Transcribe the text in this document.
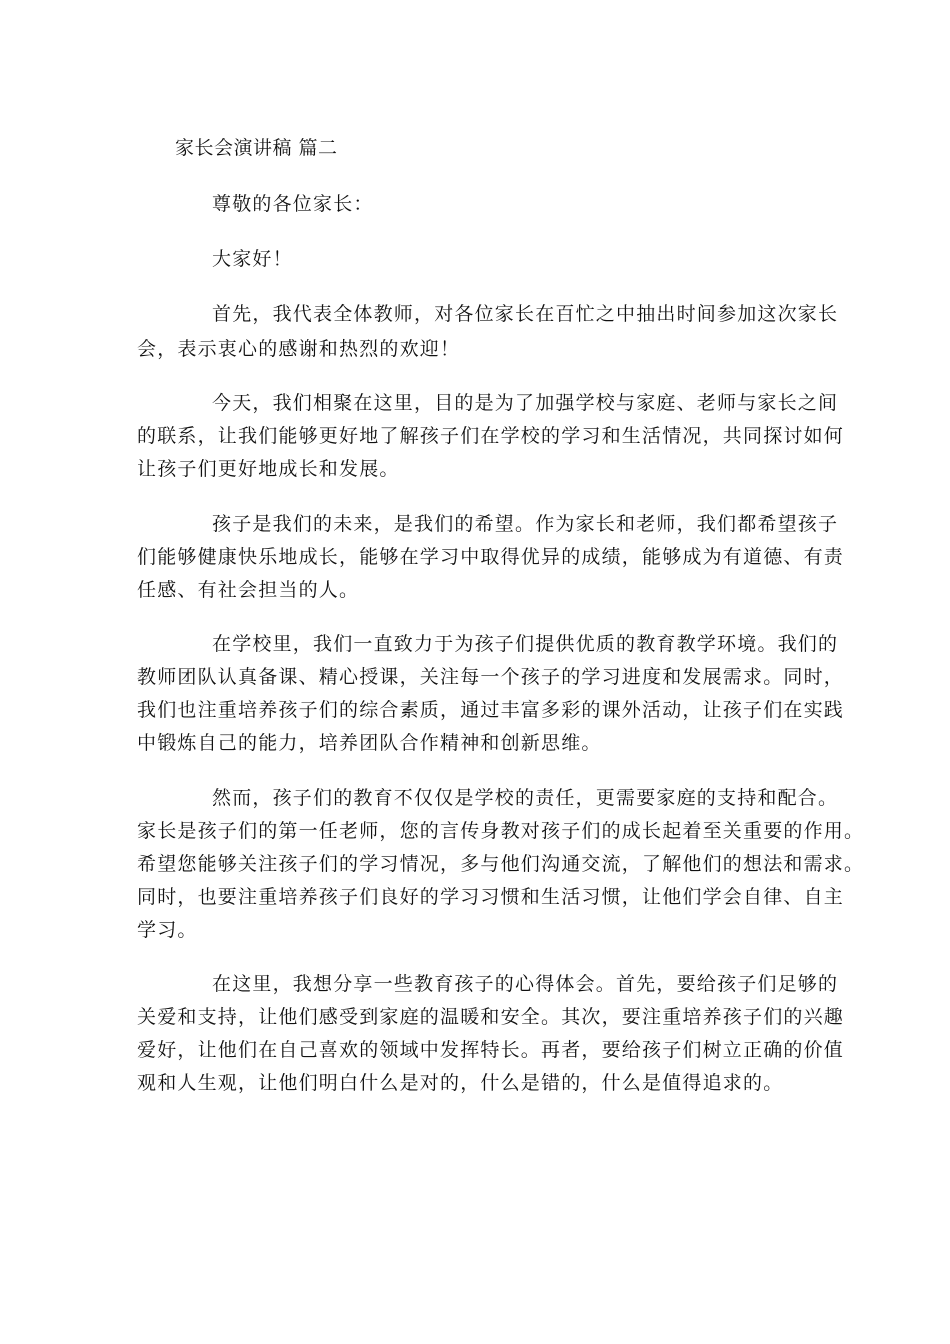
家长会演讲稿 篇二
尊敬的各位家长：
大家好！
首先，我代表全体教师，对各位家长在百忙之中抽出时间参加这次家长
会，表示衷心的感谢和热烈的欢迎！
今天，我们相聚在这里，目的是为了加强学校与家庭、老师与家长之间
的联系，让我们能够更好地了解孩子们在学校的学习和生活情况，共同探讨如何
让孩子们更好地成长和发展。
孩子是我们的未来，是我们的希望。作为家长和老师，我们都希望孩子
们能够健康快乐地成长，能够在学习中取得优异的成绩，能够成为有道德、有责
任感、有社会担当的人。
在学校里，我们一直致力于为孩子们提供优质的教育教学环境。我们的
教师团队认真备课、精心授课，关注每一个孩子的学习进度和发展需求。同时，
我们也注重培养孩子们的综合素质，通过丰富多彩的课外活动，让孩子们在实践
中锻炼自己的能力，培养团队合作精神和创新思维。
然而，孩子们的教育不仅仅是学校的责任，更需要家庭的支持和配合。
家长是孩子们的第一任老师，您的言传身教对孩子们的成长起着至关重要的作用。
希望您能够关注孩子们的学习情况，多与他们沟通交流，了解他们的想法和需求。
同时，也要注重培养孩子们良好的学习习惯和生活习惯，让他们学会自律、自主
学习。
在这里，我想分享一些教育孩子的心得体会。首先，要给孩子们足够的
关爱和支持，让他们感受到家庭的温暖和安全。其次，要注重培养孩子们的兴趣
爱好，让他们在自己喜欢的领域中发挥特长。再者，要给孩子们树立正确的价值
观和人生观，让他们明白什么是对的，什么是错的，什么是值得追求的。
